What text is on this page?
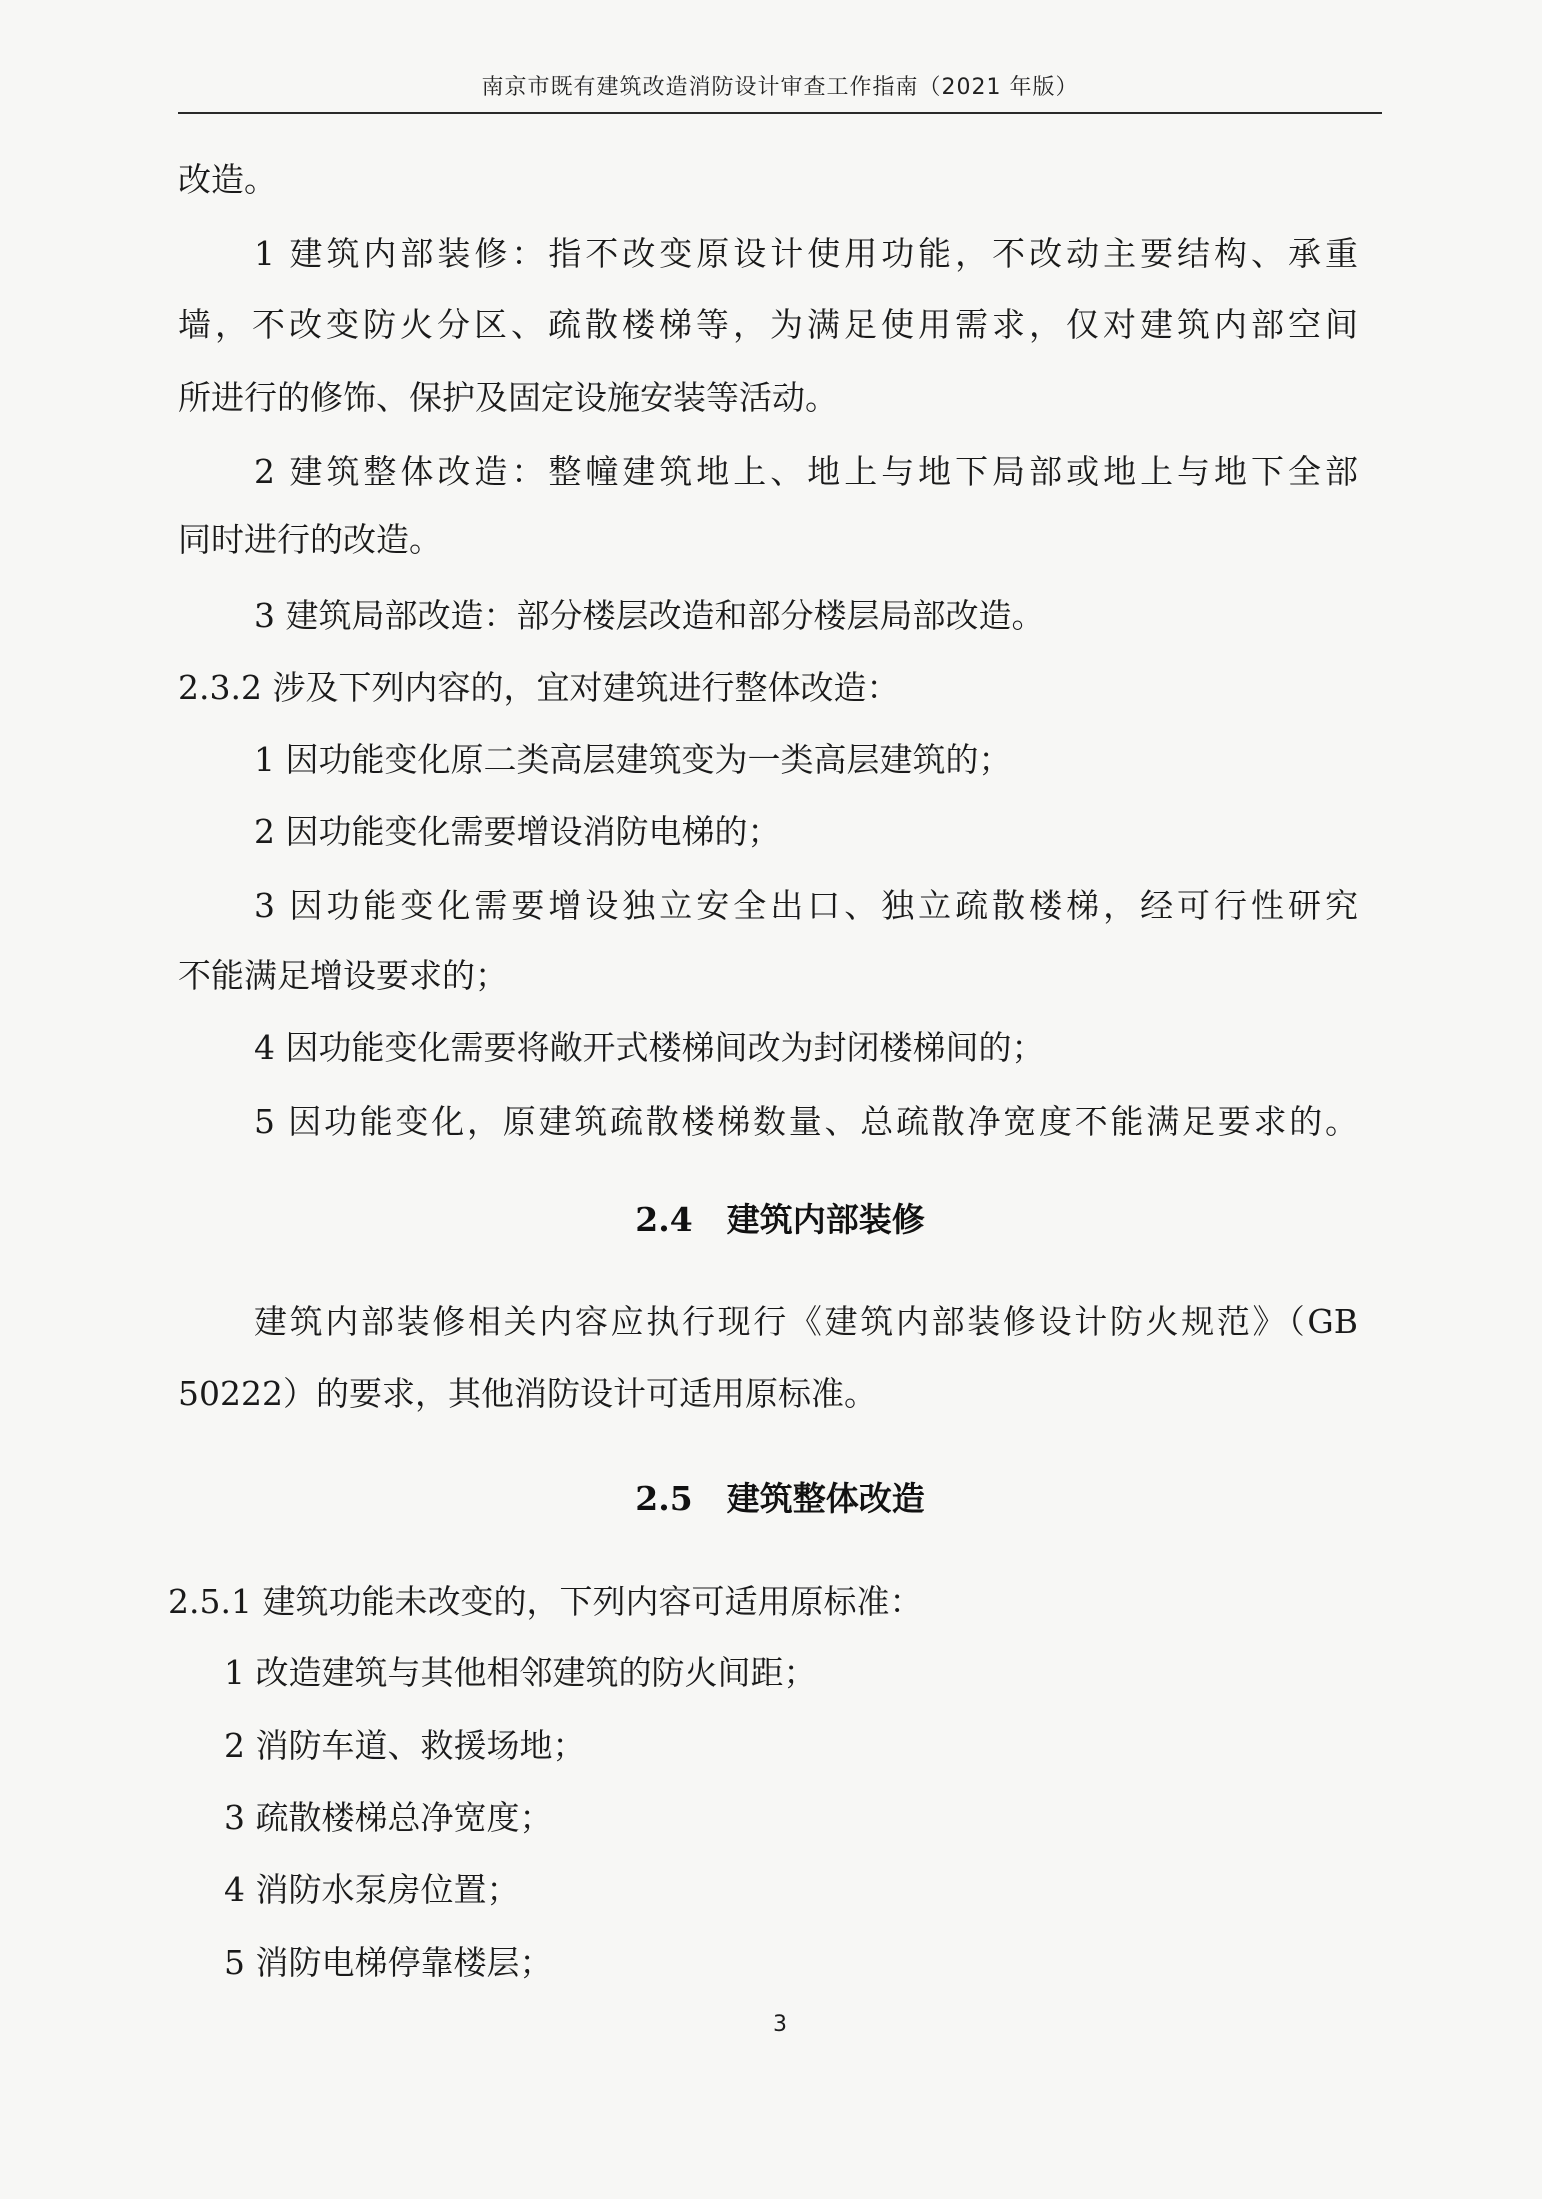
南京市既有建筑改造消防设计审查工作指南（2021 年版）
改造。
1 建筑内部装修：指不改变原设计使用功能，不改动主要结构、承重
墙，不改变防火分区、疏散楼梯等，为满足使用需求，仅对建筑内部空间
所进行的修饰、保护及固定设施安装等活动。
2 建筑整体改造：整幢建筑地上、地上与地下局部或地上与地下全部
同时进行的改造。
3 建筑局部改造：部分楼层改造和部分楼层局部改造。
2.3.2 涉及下列内容的，宜对建筑进行整体改造：
1 因功能变化原二类高层建筑变为一类高层建筑的；
2 因功能变化需要增设消防电梯的；
3 因功能变化需要增设独立安全出口、独立疏散楼梯，经可行性研究
不能满足增设要求的；
4 因功能变化需要将敞开式楼梯间改为封闭楼梯间的；
5 因功能变化，原建筑疏散楼梯数量、总疏散净宽度不能满足要求的。
2.4 建筑内部装修
建筑内部装修相关内容应执行现行《建筑内部装修设计防火规范》（GB
50222）的要求，其他消防设计可适用原标准。
2.5 建筑整体改造
2.5.1 建筑功能未改变的，下列内容可适用原标准：
1 改造建筑与其他相邻建筑的防火间距；
2 消防车道、救援场地；
3 疏散楼梯总净宽度；
4 消防水泵房位置；
5 消防电梯停靠楼层；
3
